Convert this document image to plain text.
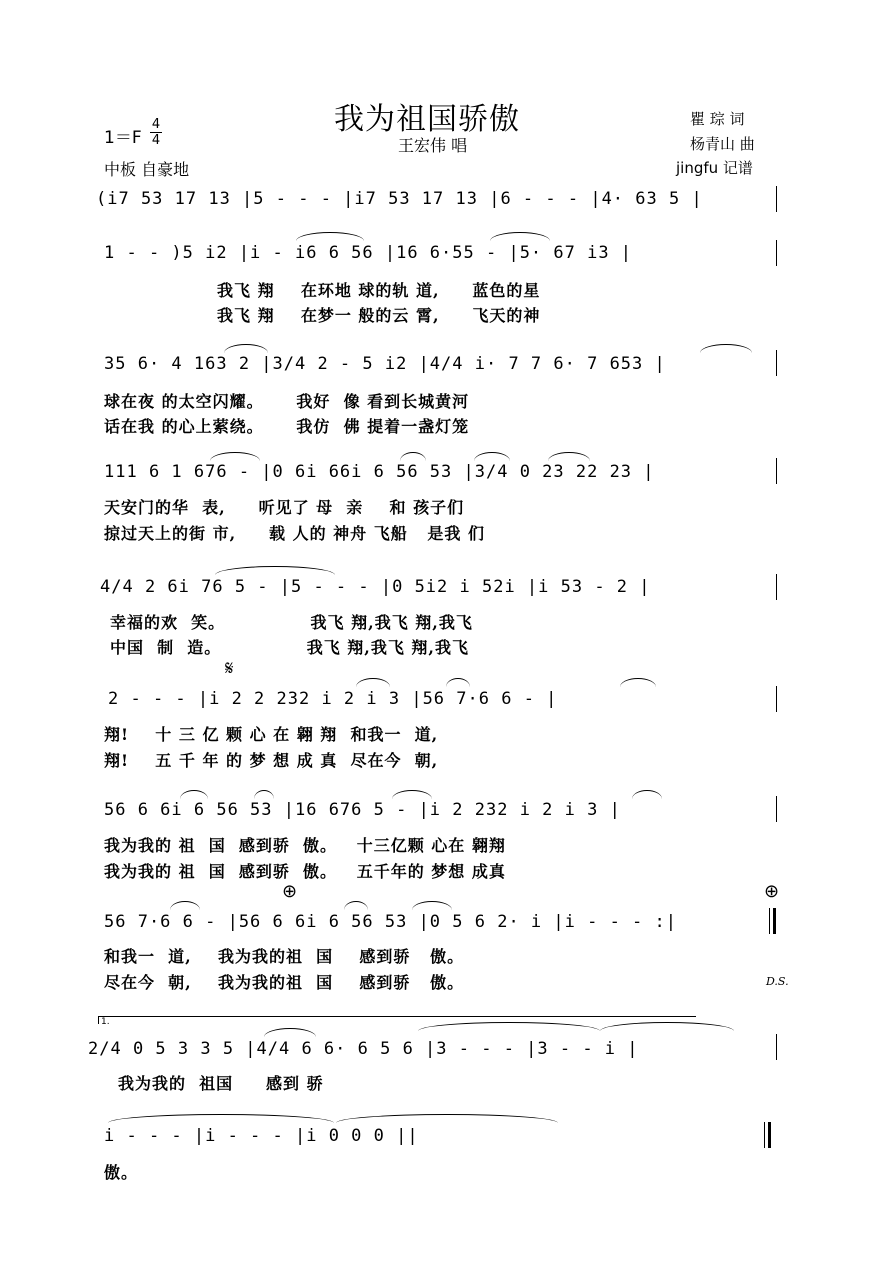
我为祖国骄傲
王宏伟 唱
1＝F
4
4
中板 自豪地
瞿 琮 词
杨青山 曲
jingfu 记谱
(i7 53 17 13 |5 - - - |i7 53 17 13 |6 - - - |4· 63 5 |
1 - - )5 i2 |i - i6 6 56 |16 6·55 - |5· 67 i3 |
我飞 翔    在环地 球的轨 道,     蓝色的星
我飞 翔    在梦一 般的云 霄,     飞天的神
35 6· 4 163 2 |3/4 2 - 5 i2 |4/4 i· 7 7 6· 7 653 |
球在夜 的太空闪耀。     我好  像 看到长城黄河
话在我 的心上萦绕。     我仿  佛 提着一盏灯笼
111 6 1 676 - |0 6i 66i 6 56 53 |3/4 0 23 22 23 |
天安门的华  表,     听见了 母  亲    和 孩子们
掠过天上的街 市,     载 人的 神舟 飞船   是我 们
4/4 2 6i 76 5 - |5 - - - |0 5i2 i 52i |i 53 - 2 |
幸福的欢  笑。             我飞 翔,我飞 翔,我飞
中国  制  造。             我飞 翔,我飞 翔,我飞
𝄋
2 - - - |i 2 2 232 i 2 i 3 |56 7·6 6 - |
翔!    十 三 亿 颗 心 在 翱 翔  和我一  道,
翔!    五 千 年 的 梦 想 成 真  尽在今  朝,
56 6 6i 6 56 53 |16 676 5 - |i 2 232 i 2 i 3 |
我为我的 祖  国  感到骄  傲。   十三亿颗 心在 翱翔
我为我的 祖  国  感到骄  傲。   五千年的 梦想 成真
⊕	⊕
56 7·6 6 - |56 6 6i 6 56 53 |0 5 6 2· i |i - - - :|
和我一  道,    我为我的祖  国    感到骄   傲。
尽在今  朝,    我为我的祖  国    感到骄   傲。	D.S.
1.
2/4 0 5 3 3 5 |4/4 6 6· 6 5 6 |3 - - - |3 - - i |
我为我的  祖国     感到 骄
i - - - |i - - - |i 0 0 0 ||
傲。
